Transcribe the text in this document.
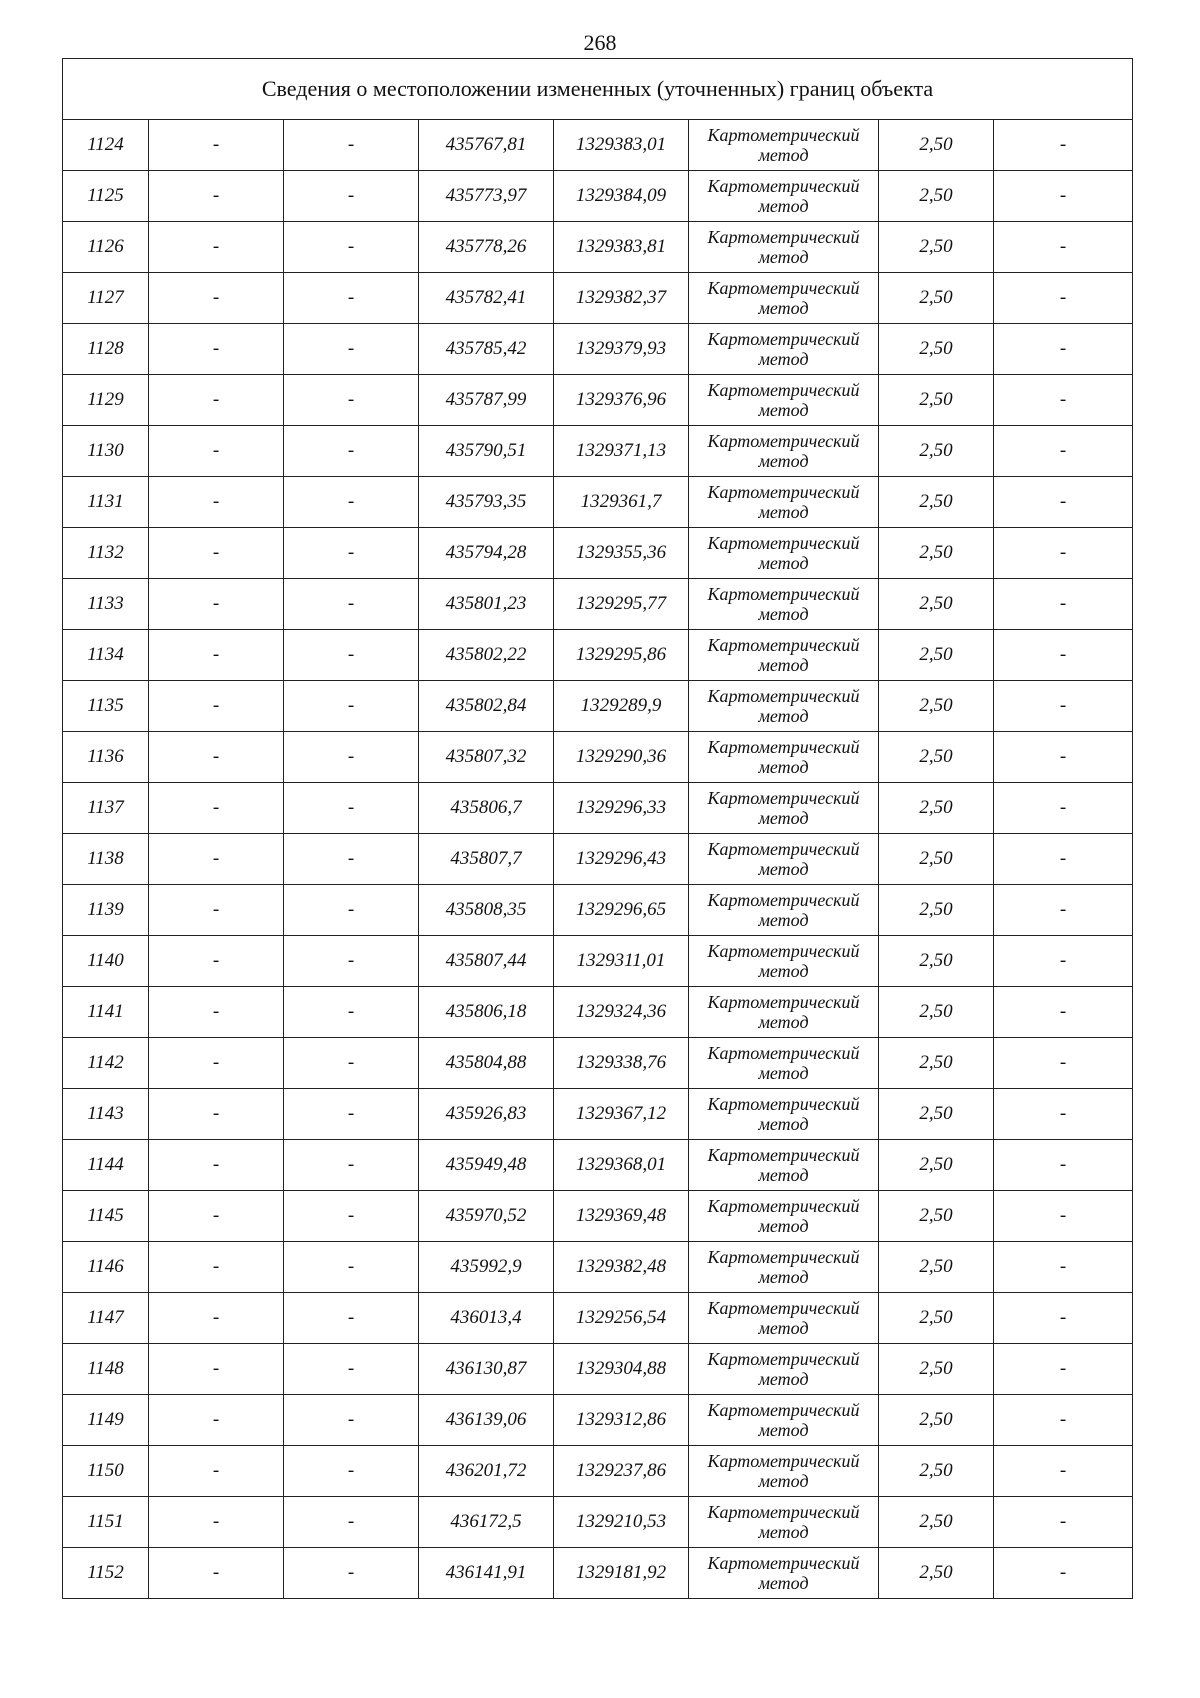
268
Сведения о местоположении измененных (уточненных) границ объекта							
1124	-	-	435767,81	1329383,01	Картометрический метод	2,50	-
1125	-	-	435773,97	1329384,09	Картометрический метод	2,50	-
1126	-	-	435778,26	1329383,81	Картометрический метод	2,50	-
1127	-	-	435782,41	1329382,37	Картометрический метод	2,50	-
1128	-	-	435785,42	1329379,93	Картометрический метод	2,50	-
1129	-	-	435787,99	1329376,96	Картометрический метод	2,50	-
1130	-	-	435790,51	1329371,13	Картометрический метод	2,50	-
1131	-	-	435793,35	1329361,7	Картометрический метод	2,50	-
1132	-	-	435794,28	1329355,36	Картометрический метод	2,50	-
1133	-	-	435801,23	1329295,77	Картометрический метод	2,50	-
1134	-	-	435802,22	1329295,86	Картометрический метод	2,50	-
1135	-	-	435802,84	1329289,9	Картометрический метод	2,50	-
1136	-	-	435807,32	1329290,36	Картометрический метод	2,50	-
1137	-	-	435806,7	1329296,33	Картометрический метод	2,50	-
1138	-	-	435807,7	1329296,43	Картометрический метод	2,50	-
1139	-	-	435808,35	1329296,65	Картометрический метод	2,50	-
1140	-	-	435807,44	1329311,01	Картометрический метод	2,50	-
1141	-	-	435806,18	1329324,36	Картометрический метод	2,50	-
1142	-	-	435804,88	1329338,76	Картометрический метод	2,50	-
1143	-	-	435926,83	1329367,12	Картометрический метод	2,50	-
1144	-	-	435949,48	1329368,01	Картометрический метод	2,50	-
1145	-	-	435970,52	1329369,48	Картометрический метод	2,50	-
1146	-	-	435992,9	1329382,48	Картометрический метод	2,50	-
1147	-	-	436013,4	1329256,54	Картометрический метод	2,50	-
1148	-	-	436130,87	1329304,88	Картометрический метод	2,50	-
1149	-	-	436139,06	1329312,86	Картометрический метод	2,50	-
1150	-	-	436201,72	1329237,86	Картометрический метод	2,50	-
1151	-	-	436172,5	1329210,53	Картометрический метод	2,50	-
1152	-	-	436141,91	1329181,92	Картометрический метод	2,50	-
